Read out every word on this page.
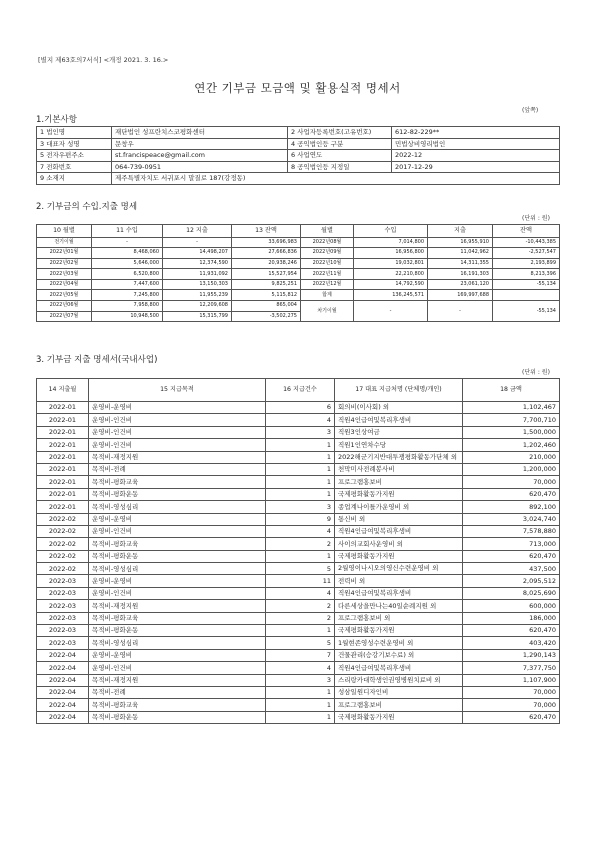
[별지 제63호의7서식] <개정 2021. 3. 16.>
연간 기부금 모금액 및 활용실적 명세서
(앞쪽)
1.기본사항
1 법인명	재단법인 성프란치스코평화센터	2 사업자등록번호(고유번호)	612-82-229**
3 대표자 성명	문창우	4 공익법인등 구분	민법상비영리법인
5 전자우편주소	st.francispeace@gmail.com	6 사업연도	2022-12
7 전화번호	064-739-0951	8 공익법인등 지정일	2017-12-29
9 소재지	제주특별자치도 서귀포시 말질로 187(강정동)		
2. 기부금의 수입.지출 명세
(단위 : 원)
10 월별	11 수입	12 지출	13 잔액	월별	수입	지출	잔액
전기이월	-	-	33,696,983	2022년08월	7,014,800	16,955,910	-10,443,385
2022년01월	8,468,060	14,498,207	27,666,836	2022년09월	16,956,800	11,042,962	-2,527,547
2022년02월	5,646,000	12,374,590	20,938,246	2022년10월	19,032,801	14,311,355	2,193,899
2022년03월	6,520,800	11,931,092	15,527,954	2022년11월	22,210,800	16,191,303	8,213,396
2022년04월	7,447,600	13,150,303	9,825,251	2022년12월	14,792,590	23,061,120	-55,134
2022년05월	7,245,800	11,955,239	5,115,812	합계	136,245,571	169,997,688	
2022년06월	7,958,800	12,209,608	865,004	차기이월	-	-	-55,134
2022년07월	10,948,500	15,315,799	-3,502,275				
3. 기부금 지출 명세서(국내사업)
(단위 : 원)
14 지출월	15 지급목적	16 지급건수	17 대표 지급처명 (단체명/개인)	18 금액
2022-01	운영비-운영비	6	회의비(이사회) 외	1,102,467
2022-01	운영비-인건비	4	직원4인급여및복리후생비	7,700,710
2022-01	운영비-인건비	3	직원3인상여금	1,500,000
2022-01	운영비-인건비	1	직원1인연차수당	1,202,460
2022-01	목적비-재정지원	1	2022해군기지반대투쟁평화활동가단체 외	210,000
2022-01	목적비-전례	1	천막미사전례봉사비	1,200,000
2022-01	목적비-평화교육	1	프로그램홍보비	70,000
2022-01	목적비-평화운동	1	국제평화활동가지원	620,470
2022-01	목적비-영성심리	3	종업계나이틀가운영비 외	892,100
2022-02	운영비-운영비	9	통신비 외	3,024,740
2022-02	운영비-인건비	4	직원4인급여및복리후생비	7,578,880
2022-02	목적비-평화교육	2	사이의교회사운영비 외	713,000
2022-02	목적비-평화운동	1	국제평화활동가지원	620,470
2022-02	목적비-영성심리	5	2월영이나시오의영신수련운영비 외	437,500
2022-03	운영비-운영비	11	전력비 외	2,095,512
2022-03	운영비-인건비	4	직원4인급여및복리후생비	8,025,690
2022-03	목적비-재정지원	2	다른세상을만나는40일순례지원 외	600,000
2022-03	목적비-평화교육	2	프로그램홍보비 외	186,000
2022-03	목적비-평화운동	1	국제평화활동가지원	620,470
2022-03	목적비-영성심리	5	1월현존영성수련운영비 외	403,420
2022-04	운영비-운영비	7	건물관리(승강기보수료) 외	1,290,143
2022-04	운영비-인건비	4	직원4인급여및복리후생비	7,377,750
2022-04	목적비-재정지원	3	스리랑카대학생인권영병원치료비 외	1,107,900
2022-04	목적비-전례	1	성삼일원디자인비	70,000
2022-04	목적비-평화교육	1	프로그램홍보비	70,000
2022-04	목적비-평화운동	1	국제평화활동가지원	620,470
